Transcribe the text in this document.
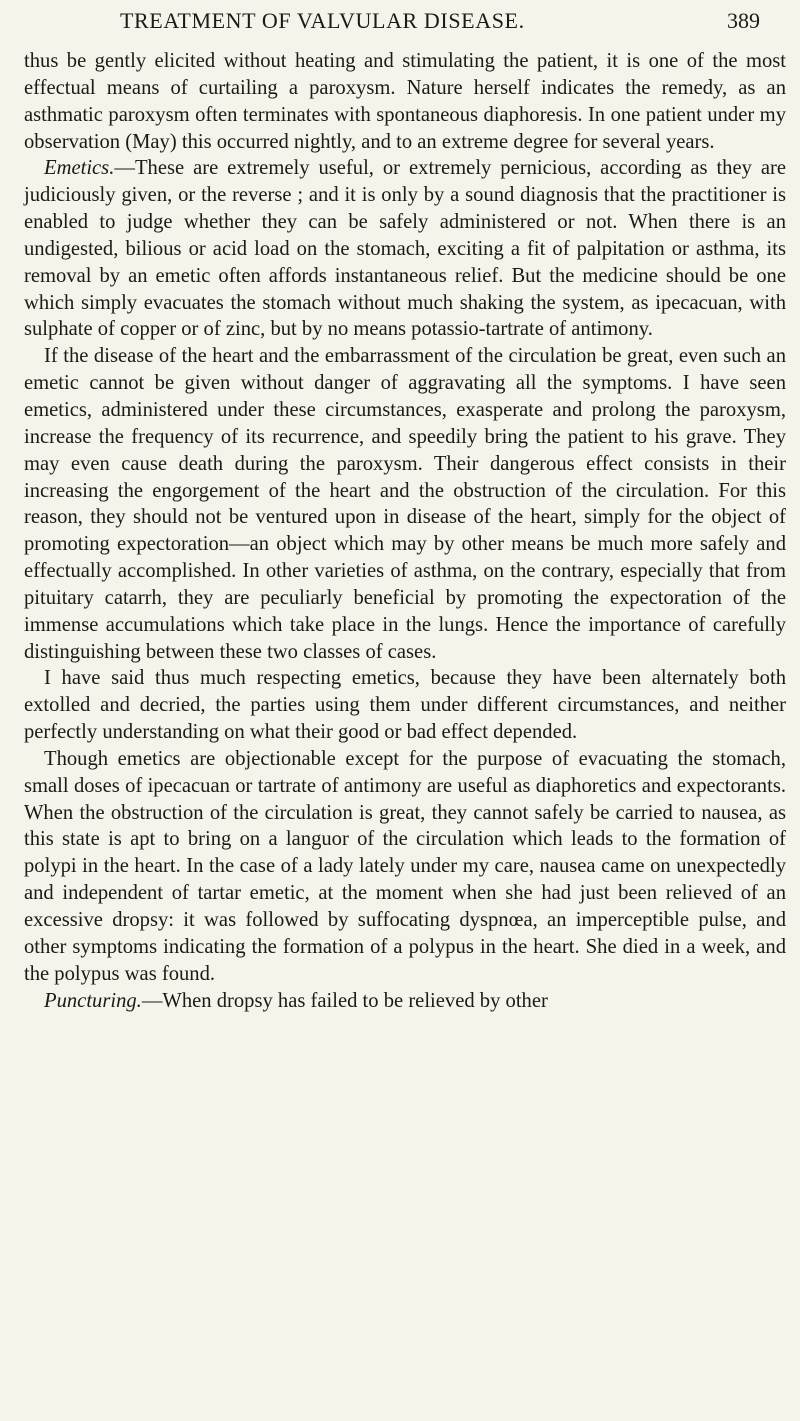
TREATMENT OF VALVULAR DISEASE.	389

thus be gently elicited without heating and stimulating the patient, it is one of the most effectual means of curtailing a paroxysm. Nature herself indicates the remedy, as an asthmatic paroxysm often terminates with spontaneous diaphoresis. In one patient under my observation (May) this occurred nightly, and to an extreme degree for several years.

Emetics.—These are extremely useful, or extremely pernicious, according as they are judiciously given, or the reverse ; and it is only by a sound diagnosis that the practitioner is enabled to judge whether they can be safely administered or not. When there is an undigested, bilious or acid load on the stomach, exciting a fit of palpitation or asthma, its removal by an emetic often affords instantaneous relief. But the medicine should be one which simply evacuates the stomach without much shaking the system, as ipecacuan, with sulphate of copper or of zinc, but by no means potassio-tartrate of antimony.

If the disease of the heart and the embarrassment of the circulation be great, even such an emetic cannot be given without danger of aggravating all the symptoms. I have seen emetics, administered under these circumstances, exasperate and prolong the paroxysm, increase the frequency of its recurrence, and speedily bring the patient to his grave. They may even cause death during the paroxysm. Their dangerous effect consists in their increasing the engorgement of the heart and the obstruction of the circulation. For this reason, they should not be ventured upon in disease of the heart, simply for the object of promoting expectoration—an object which may by other means be much more safely and effectually accomplished. In other varieties of asthma, on the contrary, especially that from pituitary catarrh, they are peculiarly beneficial by promoting the expectoration of the immense accumulations which take place in the lungs. Hence the importance of carefully distinguishing between these two classes of cases.

I have said thus much respecting emetics, because they have been alternately both extolled and decried, the parties using them under different circumstances, and neither perfectly understanding on what their good or bad effect depended.

Though emetics are objectionable except for the purpose of evacuating the stomach, small doses of ipecacuan or tartrate of antimony are useful as diaphoretics and expectorants. When the obstruction of the circulation is great, they cannot safely be carried to nausea, as this state is apt to bring on a languor of the circulation which leads to the formation of polypi in the heart. In the case of a lady lately under my care, nausea came on unexpectedly and independent of tartar emetic, at the moment when she had just been relieved of an excessive dropsy: it was followed by suffocating dyspnœa, an imperceptible pulse, and other symptoms indicating the formation of a polypus in the heart. She died in a week, and the polypus was found.

Puncturing.—When dropsy has failed to be relieved by other
